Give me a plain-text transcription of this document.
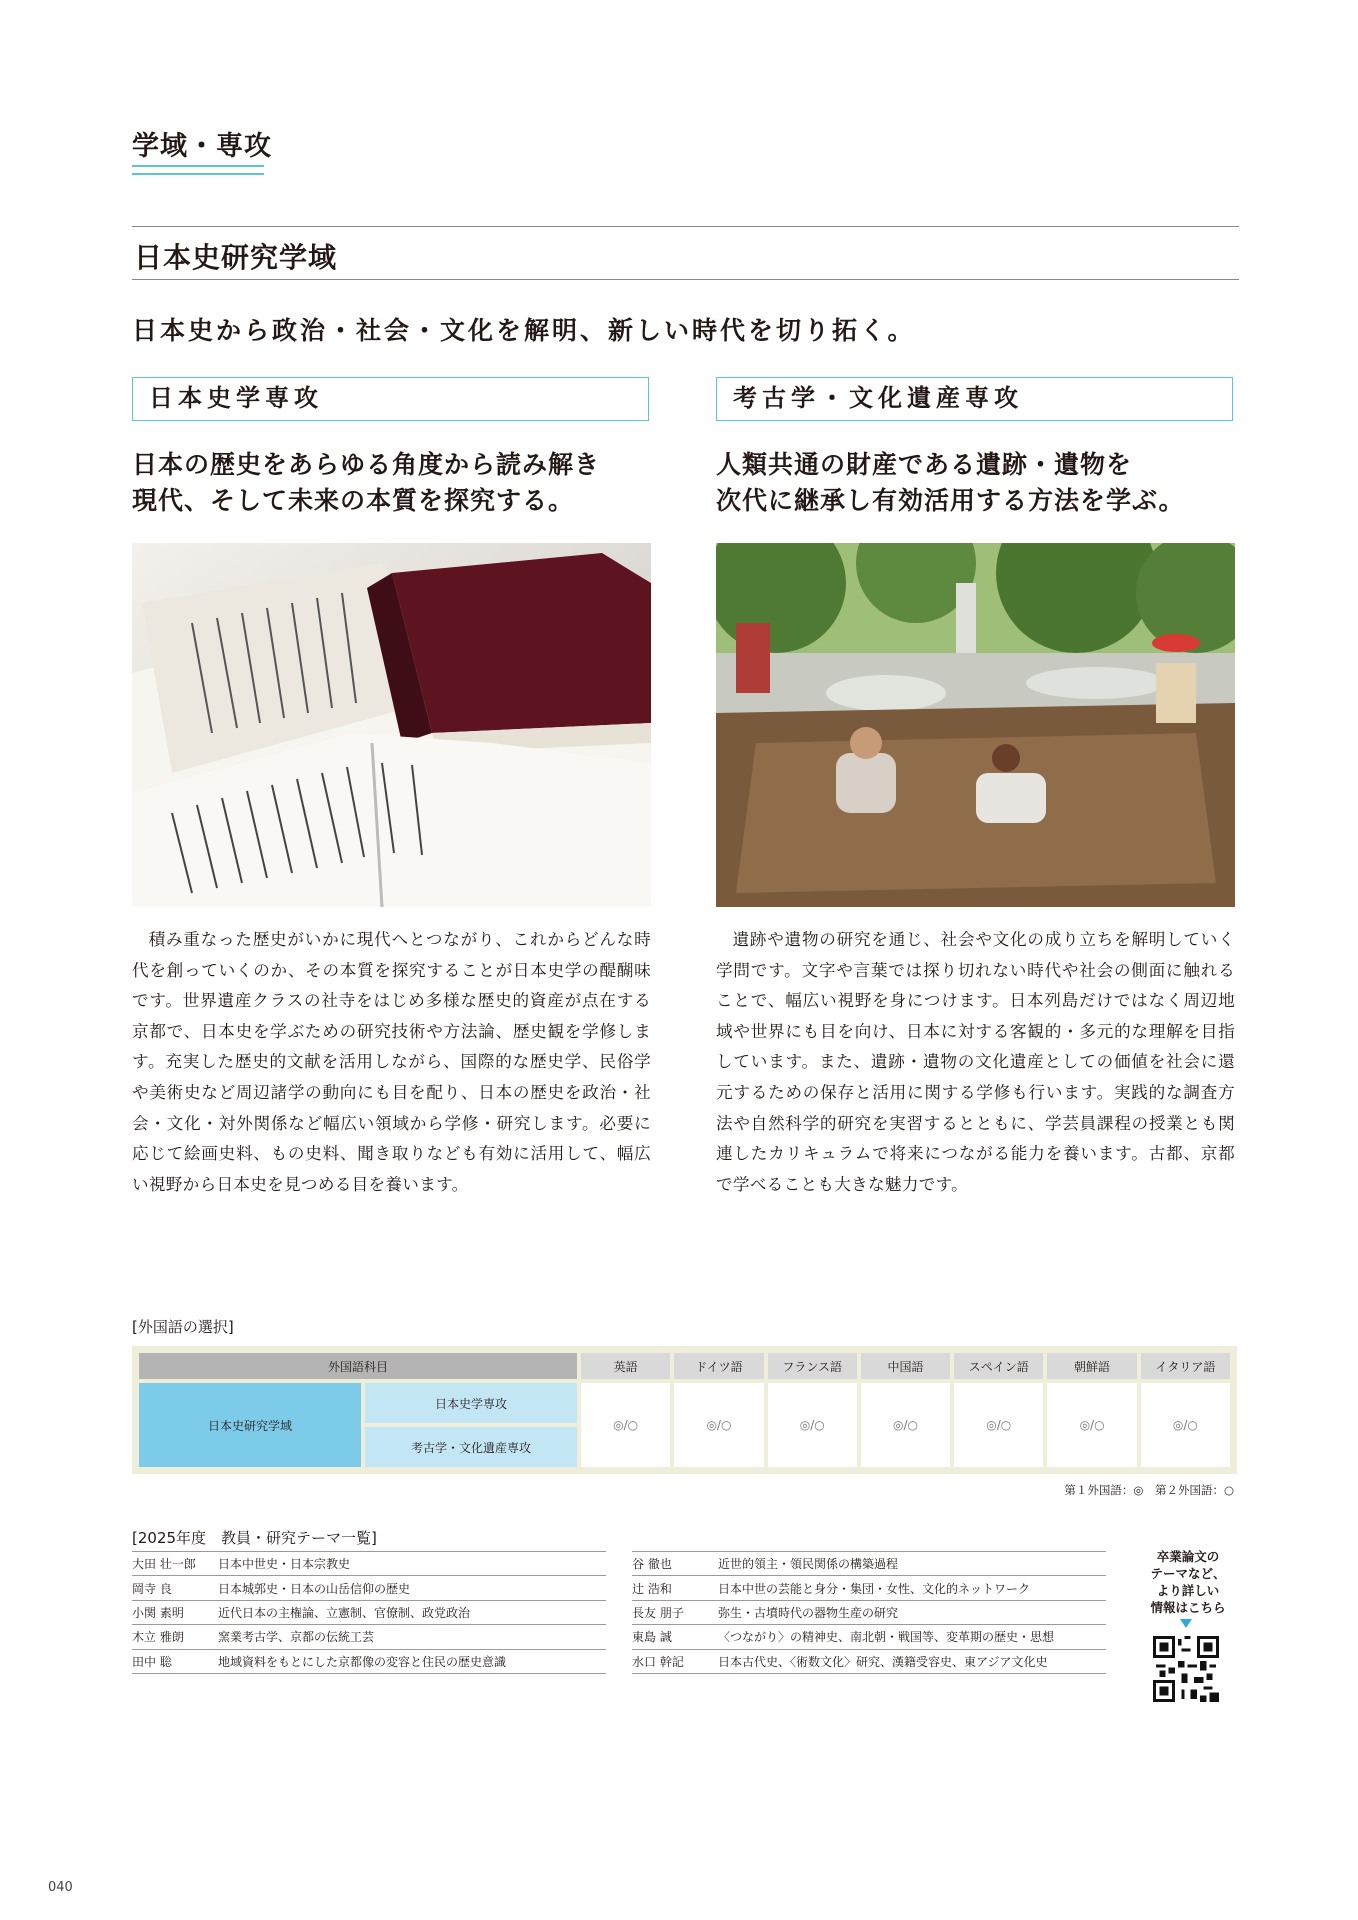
学域・専攻
日本史研究学域
日本史から政治・社会・文化を解明、新しい時代を切り拓く。
日本史学専攻
日本の歴史をあらゆる角度から読み解き
現代、そして未来の本質を探究する。

積み重なった歴史がいかに現代へとつながり、これからどんな時代を創っていくのか、その本質を探究することが日本史学の醍醐味です。世界遺産クラスの社寺をはじめ多様な歴史的資産が点在する京都で、日本史を学ぶための研究技術や方法論、歴史観を学修します。充実した歴史的文献を活用しながら、国際的な歴史学、民俗学や美術史など周辺諸学の動向にも目を配り、日本の歴史を政治・社会・文化・対外関係など幅広い領域から学修・研究します。必要に応じて絵画史料、もの史料、聞き取りなども有効に活用して、幅広い視野から日本史を見つめる目を養います。

考古学・文化遺産専攻
人類共通の財産である遺跡・遺物を
次代に継承し有効活用する方法を学ぶ。

遺跡や遺物の研究を通じ、社会や文化の成り立ちを解明していく学問です。文字や言葉では探り切れない時代や社会の側面に触れることで、幅広い視野を身につけます。日本列島だけではなく周辺地域や世界にも目を向け、日本に対する客観的・多元的な理解を目指しています。また、遺跡・遺物の文化遺産としての価値を社会に還元するための保存と活用に関する学修も行います。実践的な調査方法や自然科学的研究を実習するとともに、学芸員課程の授業とも関連したカリキュラムで将来につながる能力を養います。古都、京都で学べることも大きな魅力です。

[外国語の選択]
外国語科目		英語	ドイツ語	フランス語	中国語	スペイン語	朝鮮語	イタリア語
日本史研究学域	日本史学専攻	◎/○	◎/○	◎/○	◎/○	◎/○	◎/○	◎/○
	考古学・文化遺産専攻							
第１外国語：◎　第２外国語：○
[2025年度　教員・研究テーマ一覧]
大田 壮一郎	日本中世史・日本宗教史
岡寺 良	日本城郭史・日本の山岳信仰の歴史
小関 素明	近代日本の主権論、立憲制、官僚制、政党政治
木立 雅朗	窯業考古学、京都の伝統工芸
田中 聡	地域資料をもとにした京都像の変容と住民の歴史意識
谷 徹也	近世的領主・領民関係の構築過程
辻 浩和	日本中世の芸能と身分・集団・女性、文化的ネットワーク
長友 朋子	弥生・古墳時代の器物生産の研究
東島 誠	〈つながり〉の精神史、南北朝・戦国等、変革期の歴史・思想
水口 幹記	日本古代史、〈術数文化〉研究、漢籍受容史、東アジア文化史
卒業論文の
テーマなど、
より詳しい
情報はこちら
040
